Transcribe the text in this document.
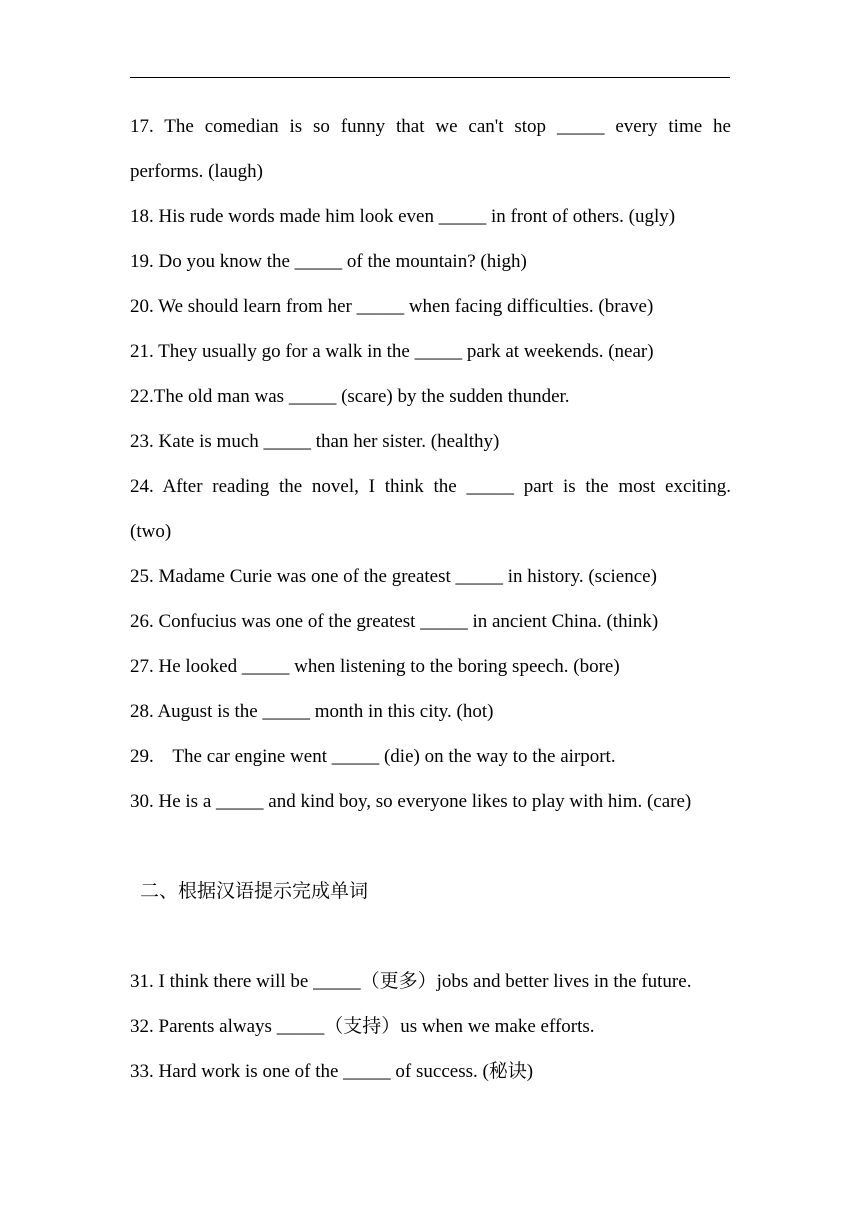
17. The comedian is so funny that we can't stop _____ every time he
performs. (laugh)
18. His rude words made him look even _____ in front of others. (ugly)
19. Do you know the _____ of the mountain? (high)
20. We should learn from her _____ when facing difficulties. (brave)
21. They usually go for a walk in the _____ park at weekends. (near)
22.The old man was _____ (scare) by the sudden thunder.
23. Kate is much _____ than her sister. (healthy)
24. After reading the novel, I think the _____ part is the most exciting.
(two)
25. Madame Curie was one of the greatest _____ in history. (science)
26. Confucius was one of the greatest _____ in ancient China. (think)
27. He looked _____ when listening to the boring speech. (bore)
28. August is the _____ month in this city. (hot)
29.    The car engine went _____ (die) on the way to the airport.
30. He is a _____ and kind boy, so everyone likes to play with him. (care)
二、根据汉语提示完成单词
31. I think there will be _____（更多）jobs and better lives in the future.
32. Parents always _____（支持）us when we make efforts.
33. Hard work is one of the _____ of success. (秘诀)
